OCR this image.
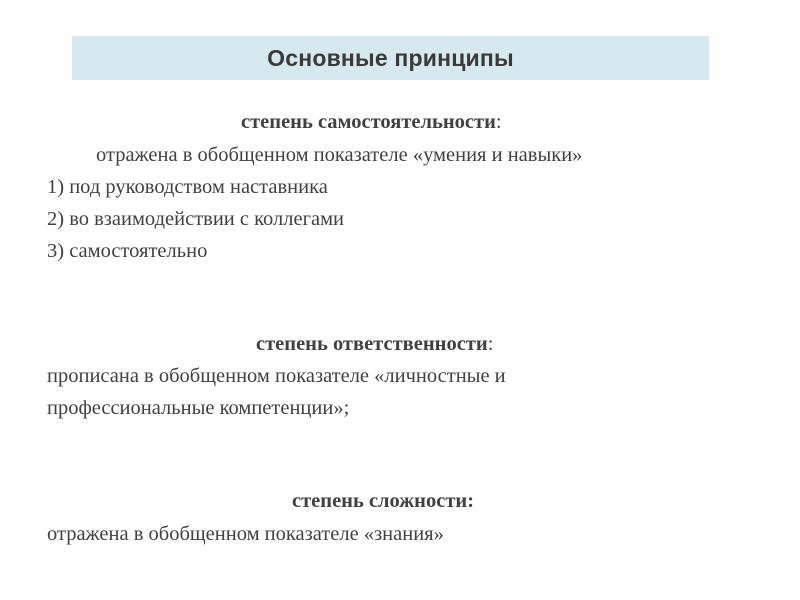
Основные принципы
степень самостоятельности:
отражена в обобщенном показателе «умения и навыки»
1) под руководством наставника
2) во взаимодействии с коллегами
3) самостоятельно
степень ответственности:
прописана в обобщенном показателе «личностные и
профессиональные компетенции»;
степень сложности:
отражена в обобщенном показателе «знания»
